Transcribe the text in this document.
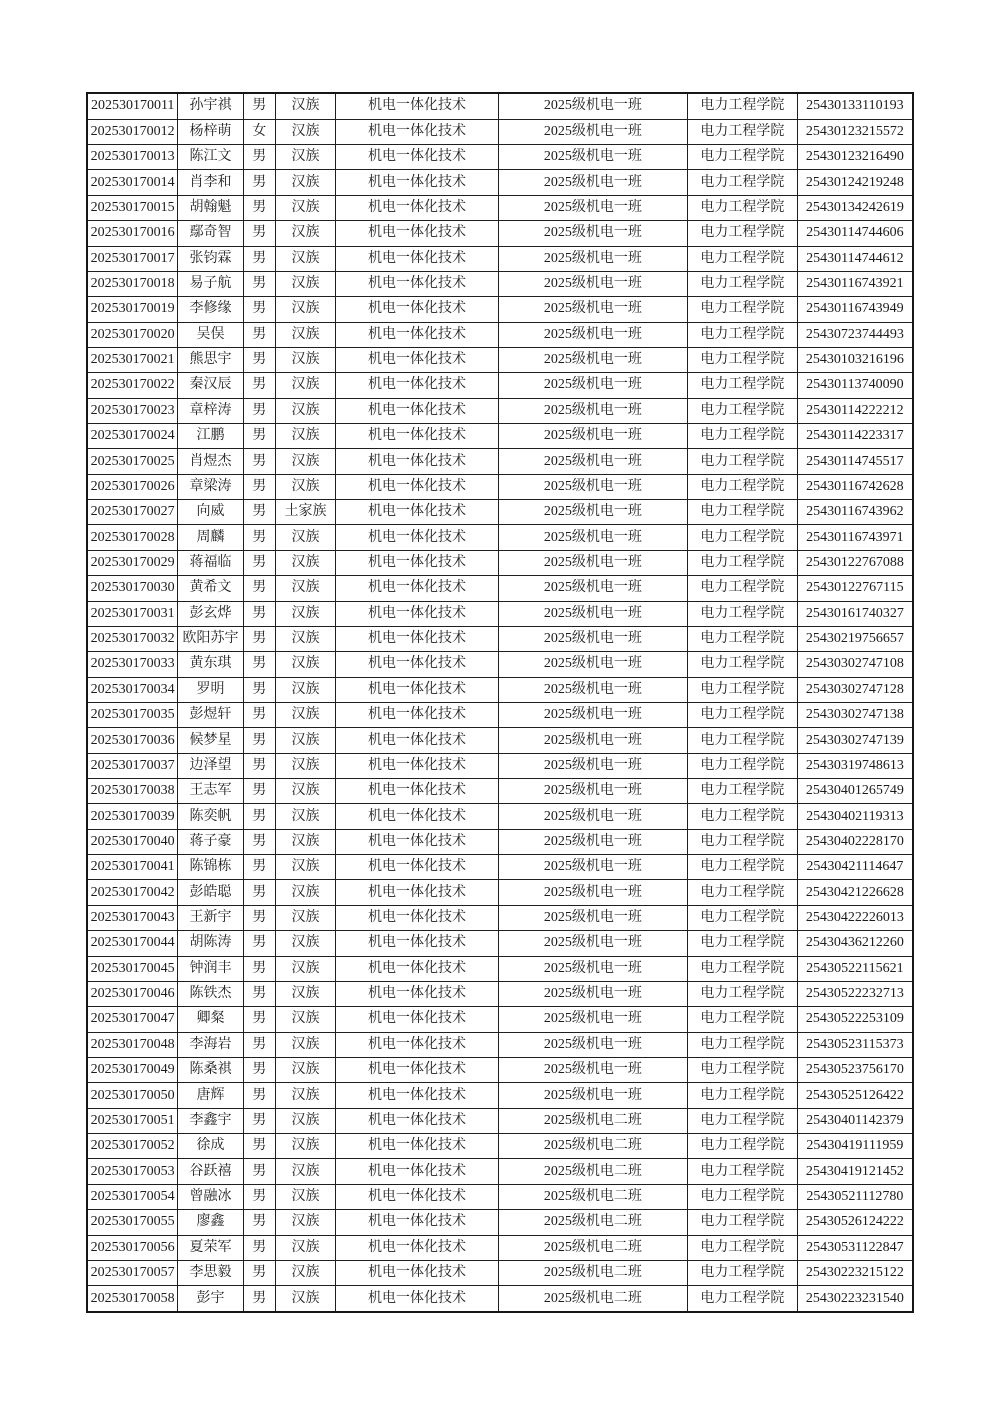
202530170011	孙宇祺	男	汉族	机电一体化技术	2025级机电一班	电力工程学院	25430133110193
202530170012	杨梓萌	女	汉族	机电一体化技术	2025级机电一班	电力工程学院	25430123215572
202530170013	陈江文	男	汉族	机电一体化技术	2025级机电一班	电力工程学院	25430123216490
202530170014	肖李和	男	汉族	机电一体化技术	2025级机电一班	电力工程学院	25430124219248
202530170015	胡翰魁	男	汉族	机电一体化技术	2025级机电一班	电力工程学院	25430134242619
202530170016	鄢奇智	男	汉族	机电一体化技术	2025级机电一班	电力工程学院	25430114744606
202530170017	张钧霖	男	汉族	机电一体化技术	2025级机电一班	电力工程学院	25430114744612
202530170018	易子航	男	汉族	机电一体化技术	2025级机电一班	电力工程学院	25430116743921
202530170019	李修缘	男	汉族	机电一体化技术	2025级机电一班	电力工程学院	25430116743949
202530170020	吴俣	男	汉族	机电一体化技术	2025级机电一班	电力工程学院	25430723744493
202530170021	熊思宇	男	汉族	机电一体化技术	2025级机电一班	电力工程学院	25430103216196
202530170022	秦汉辰	男	汉族	机电一体化技术	2025级机电一班	电力工程学院	25430113740090
202530170023	章梓涛	男	汉族	机电一体化技术	2025级机电一班	电力工程学院	25430114222212
202530170024	江鹏	男	汉族	机电一体化技术	2025级机电一班	电力工程学院	25430114223317
202530170025	肖煜杰	男	汉族	机电一体化技术	2025级机电一班	电力工程学院	25430114745517
202530170026	章梁涛	男	汉族	机电一体化技术	2025级机电一班	电力工程学院	25430116742628
202530170027	向威	男	土家族	机电一体化技术	2025级机电一班	电力工程学院	25430116743962
202530170028	周麟	男	汉族	机电一体化技术	2025级机电一班	电力工程学院	25430116743971
202530170029	蒋福临	男	汉族	机电一体化技术	2025级机电一班	电力工程学院	25430122767088
202530170030	黄希文	男	汉族	机电一体化技术	2025级机电一班	电力工程学院	25430122767115
202530170031	彭玄烨	男	汉族	机电一体化技术	2025级机电一班	电力工程学院	25430161740327
202530170032	欧阳苏宇	男	汉族	机电一体化技术	2025级机电一班	电力工程学院	25430219756657
202530170033	黄东琪	男	汉族	机电一体化技术	2025级机电一班	电力工程学院	25430302747108
202530170034	罗明	男	汉族	机电一体化技术	2025级机电一班	电力工程学院	25430302747128
202530170035	彭煜轩	男	汉族	机电一体化技术	2025级机电一班	电力工程学院	25430302747138
202530170036	候梦星	男	汉族	机电一体化技术	2025级机电一班	电力工程学院	25430302747139
202530170037	边泽望	男	汉族	机电一体化技术	2025级机电一班	电力工程学院	25430319748613
202530170038	王志军	男	汉族	机电一体化技术	2025级机电一班	电力工程学院	25430401265749
202530170039	陈奕帆	男	汉族	机电一体化技术	2025级机电一班	电力工程学院	25430402119313
202530170040	蒋子豪	男	汉族	机电一体化技术	2025级机电一班	电力工程学院	25430402228170
202530170041	陈锦栋	男	汉族	机电一体化技术	2025级机电一班	电力工程学院	25430421114647
202530170042	彭皓聪	男	汉族	机电一体化技术	2025级机电一班	电力工程学院	25430421226628
202530170043	王新宇	男	汉族	机电一体化技术	2025级机电一班	电力工程学院	25430422226013
202530170044	胡陈涛	男	汉族	机电一体化技术	2025级机电一班	电力工程学院	25430436212260
202530170045	钟润丰	男	汉族	机电一体化技术	2025级机电一班	电力工程学院	25430522115621
202530170046	陈铁杰	男	汉族	机电一体化技术	2025级机电一班	电力工程学院	25430522232713
202530170047	卿粲	男	汉族	机电一体化技术	2025级机电一班	电力工程学院	25430522253109
202530170048	李海岩	男	汉族	机电一体化技术	2025级机电一班	电力工程学院	25430523115373
202530170049	陈桑祺	男	汉族	机电一体化技术	2025级机电一班	电力工程学院	25430523756170
202530170050	唐辉	男	汉族	机电一体化技术	2025级机电一班	电力工程学院	25430525126422
202530170051	李鑫宇	男	汉族	机电一体化技术	2025级机电二班	电力工程学院	25430401142379
202530170052	徐成	男	汉族	机电一体化技术	2025级机电二班	电力工程学院	25430419111959
202530170053	谷跃禧	男	汉族	机电一体化技术	2025级机电二班	电力工程学院	25430419121452
202530170054	曾融冰	男	汉族	机电一体化技术	2025级机电二班	电力工程学院	25430521112780
202530170055	廖鑫	男	汉族	机电一体化技术	2025级机电二班	电力工程学院	25430526124222
202530170056	夏荣军	男	汉族	机电一体化技术	2025级机电二班	电力工程学院	25430531122847
202530170057	李思毅	男	汉族	机电一体化技术	2025级机电二班	电力工程学院	25430223215122
202530170058	彭宇	男	汉族	机电一体化技术	2025级机电二班	电力工程学院	25430223231540
